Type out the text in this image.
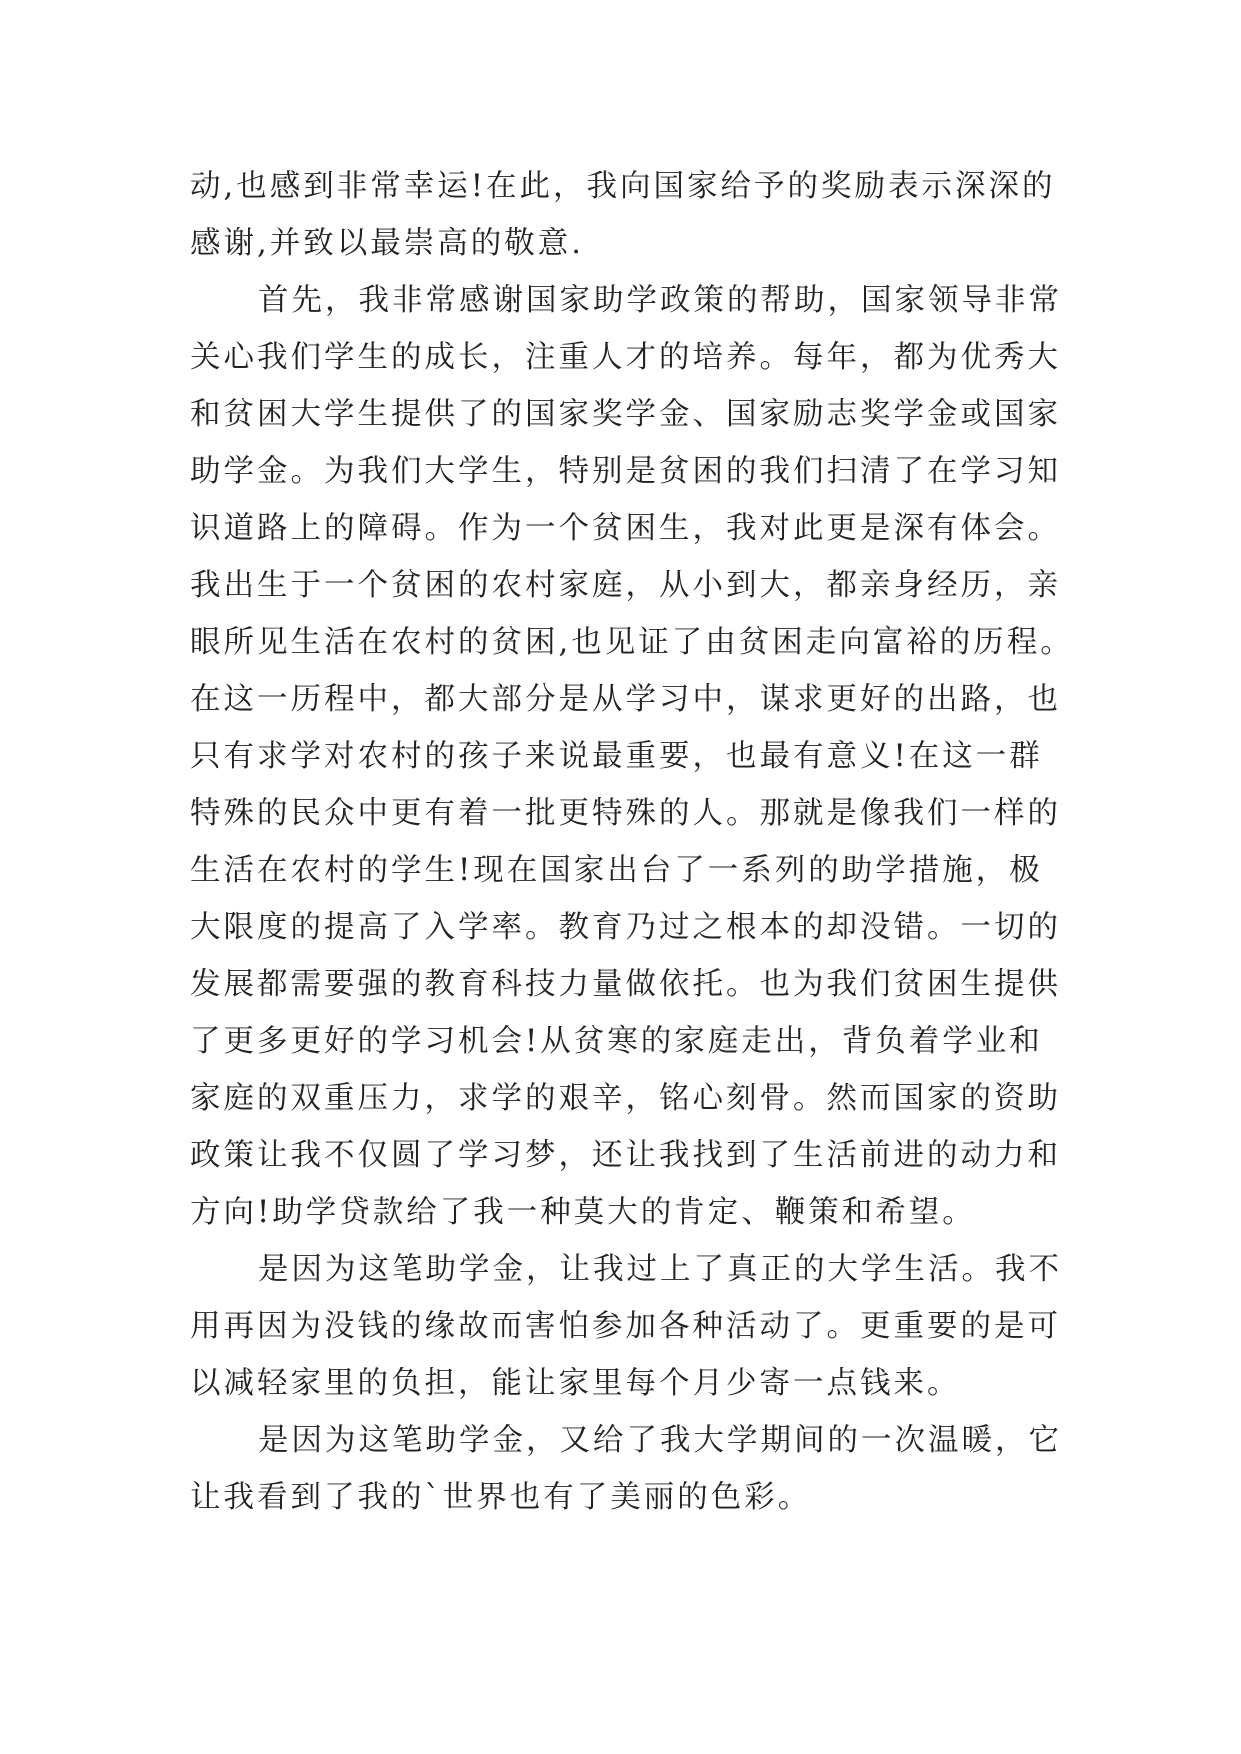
动,也感到非常幸运!在此，我向国家给予的奖励表示深深的
感谢,并致以最崇高的敬意.
首先，我非常感谢国家助学政策的帮助，国家领导非常
关心我们学生的成长，注重人才的培养。每年，都为优秀大
和贫困大学生提供了的国家奖学金、国家励志奖学金或国家
助学金。为我们大学生，特别是贫困的我们扫清了在学习知
识道路上的障碍。作为一个贫困生，我对此更是深有体会。
我出生于一个贫困的农村家庭，从小到大，都亲身经历，亲
眼所见生活在农村的贫困,也见证了由贫困走向富裕的历程。
在这一历程中，都大部分是从学习中，谋求更好的出路，也
只有求学对农村的孩子来说最重要，也最有意义!在这一群
特殊的民众中更有着一批更特殊的人。那就是像我们一样的
生活在农村的学生!现在国家出台了一系列的助学措施，极
大限度的提高了入学率。教育乃过之根本的却没错。一切的
发展都需要强的教育科技力量做依托。也为我们贫困生提供
了更多更好的学习机会!从贫寒的家庭走出，背负着学业和
家庭的双重压力，求学的艰辛，铭心刻骨。然而国家的资助
政策让我不仅圆了学习梦，还让我找到了生活前进的动力和
方向!助学贷款给了我一种莫大的肯定、鞭策和希望。
是因为这笔助学金，让我过上了真正的大学生活。我不
用再因为没钱的缘故而害怕参加各种活动了。更重要的是可
以减轻家里的负担，能让家里每个月少寄一点钱来。
是因为这笔助学金，又给了我大学期间的一次温暖，它
让我看到了我的`世界也有了美丽的色彩。
